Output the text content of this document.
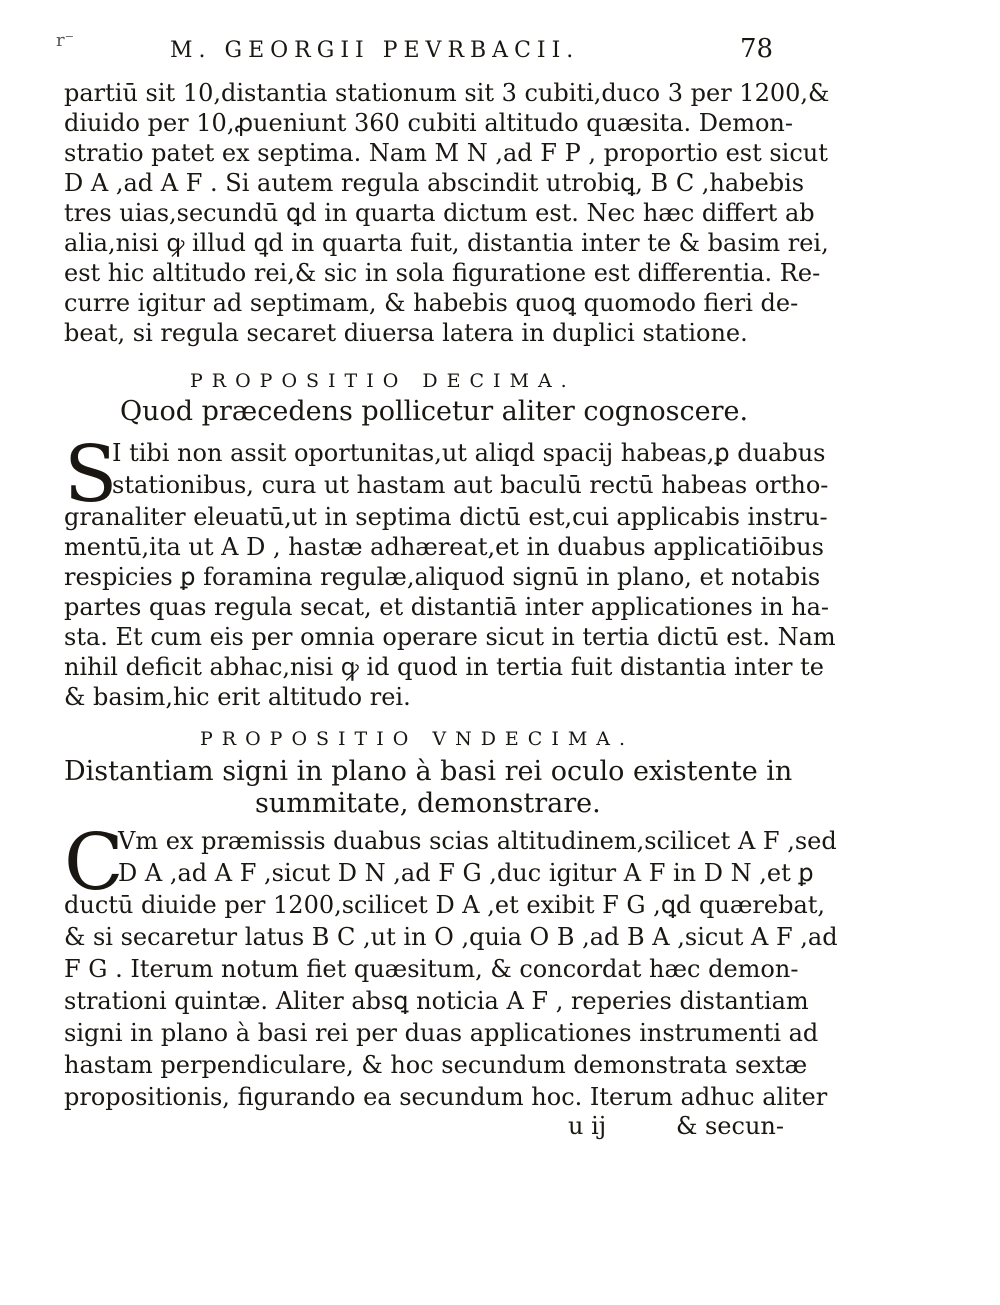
r⁻	M. GEORGII PEVRBACII.	78
partiū sit 10,distantia stationum sit 3 cubiti,duco 3 per 1200,&
diuido per 10,ꝓueniunt 360 cubiti altitudo quæsita. Demon-
stratio patet ex septima. Nam M N ,ad F P , proportio est sicut
D A ,ad A F . Si autem regula abscindit utrobiꝗ, B C ,habebis
tres uias,secundū ꝗd in quarta dictum est. Nec hæc differt ab
alia,nisi ꝙ illud ꝗd in quarta fuit, distantia inter te & basim rei,
est hic altitudo rei,& sic in sola figuratione est differentia. Re-
curre igitur ad septimam, & habebis quoꝗ quomodo fieri de-
beat, si regula secaret diuersa latera in duplici statione.
PROPOSITIO DECIMA.
Quod præcedens pollicetur aliter cognoscere.
S
I tibi non assit oportunitas,ut aliqd spacij habeas,ꝑ duabus
stationibus, cura ut hastam aut baculū rectū habeas ortho-
granaliter eleuatū,ut in septima dictū est,cui applicabis instru-
mentū,ita ut A D , hastæ adhæreat,et in duabus applicatiōibus
respicies ꝑ foramina regulæ,aliquod signū in plano, et notabis
partes quas regula secat, et distantiā inter applicationes in ha-
sta. Et cum eis per omnia operare sicut in tertia dictū est. Nam
nihil deficit abhac,nisi ꝙ id quod in tertia fuit distantia inter te
& basim,hic erit altitudo rei.
PROPOSITIO VNDECIMA.
Distantiam signi in plano à basi rei oculo existente in
summitate, demonstrare.
C
Vm ex præmissis duabus scias altitudinem,scilicet A F ,sed
D A ,ad A F ,sicut D N ,ad F G ,duc igitur A F in D N ,et ꝑ
ductū diuide per 1200,scilicet D A ,et exibit F G ,ꝗd quærebat,
& si secaretur latus B C ,ut in O ,quia O B ,ad B A ,sicut A F ,ad
F G . Iterum notum fiet quæsitum, & concordat hæc demon-
strationi quintæ. Aliter absꝗ noticia A F , reperies distantiam
signi in plano à basi rei per duas applicationes instrumenti ad
hastam perpendiculare, & hoc secundum demonstrata sextæ
propositionis, figurando ea secundum hoc. Iterum adhuc aliter
u ij	& secun-
